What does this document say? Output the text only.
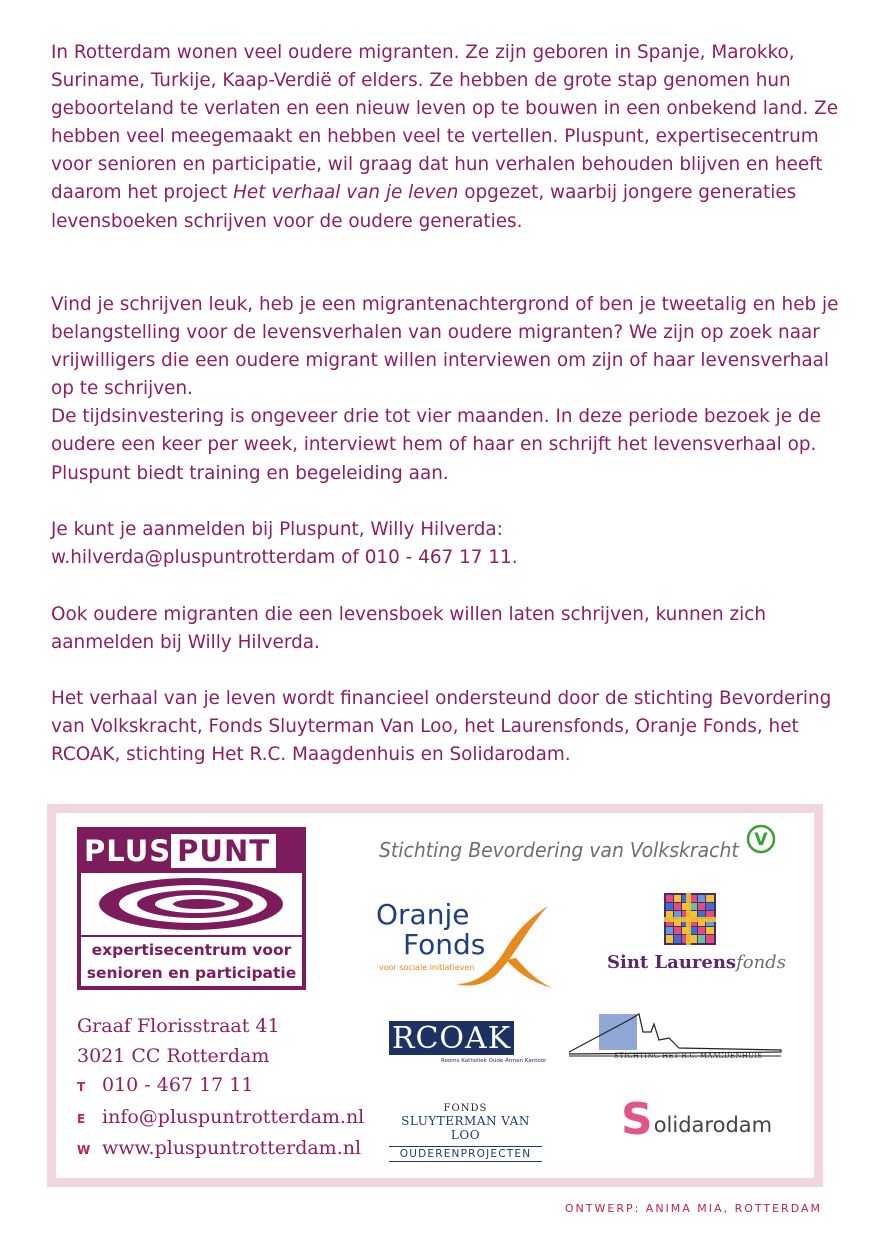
In Rotterdam wonen veel oudere migranten. Ze zijn geboren in Spanje, Marokko, Suriname, Turkije, Kaap-Verdië of elders. Ze hebben de grote stap genomen hun geboorteland te verlaten en een nieuw leven op te bouwen in een onbekend land. Ze hebben veel meegemaakt en hebben veel te vertellen. Pluspunt, expertisecentrum voor senioren en participatie, wil graag dat hun verhalen behouden blijven en heeft daarom het project Het verhaal van je leven opgezet, waarbij jongere generaties levensboeken schrijven voor de oudere generaties.

Vind je schrijven leuk, heb je een migrantenachtergrond of ben je tweetalig en heb je belangstelling voor de levensverhalen van oudere migranten? We zijn op zoek naar vrijwilligers die een oudere migrant willen interviewen om zijn of haar levensverhaal op te schrijven.
De tijdsinvestering is ongeveer drie tot vier maanden. In deze periode bezoek je de oudere een keer per week, interviewt hem of haar en schrijft het levensverhaal op. Pluspunt biedt training en begeleiding aan.

Je kunt je aanmelden bij Pluspunt, Willy Hilverda:
w.hilverda@pluspuntrotterdam of 010 - 467 17 11.

Ook oudere migranten die een levensboek willen laten schrijven, kunnen zich aanmelden bij Willy Hilverda.

Het verhaal van je leven wordt financieel ondersteund door de stichting Bevordering van Volkskracht, Fonds Sluyterman Van Loo, het Laurensfonds, Oranje Fonds, het RCOAK, stichting Het R.C. Maagdenhuis en Solidarodam.

PLUS PUNT
expertisecentrum voor
senioren en participatie
Graaf Florisstraat 41
3021 CC Rotterdam
T 010 - 467 17 11
E info@pluspuntrotterdam.nl
W www.pluspuntrotterdam.nl
Stichting Bevordering van Volkskracht V
Oranje
Fonds
voor sociale initiatieven	Sint Laurensfonds
RCOAK
Rooms Katholiek Oude Armen Kantoor
STICHTING HET R.C. MAAGDENHUIS
FONDS
SLUYTERMAN VAN LOO
OUDERENPROJECTEN
Solidarodam
ONTWERP: ANIMA MIA, ROTTERDAM
